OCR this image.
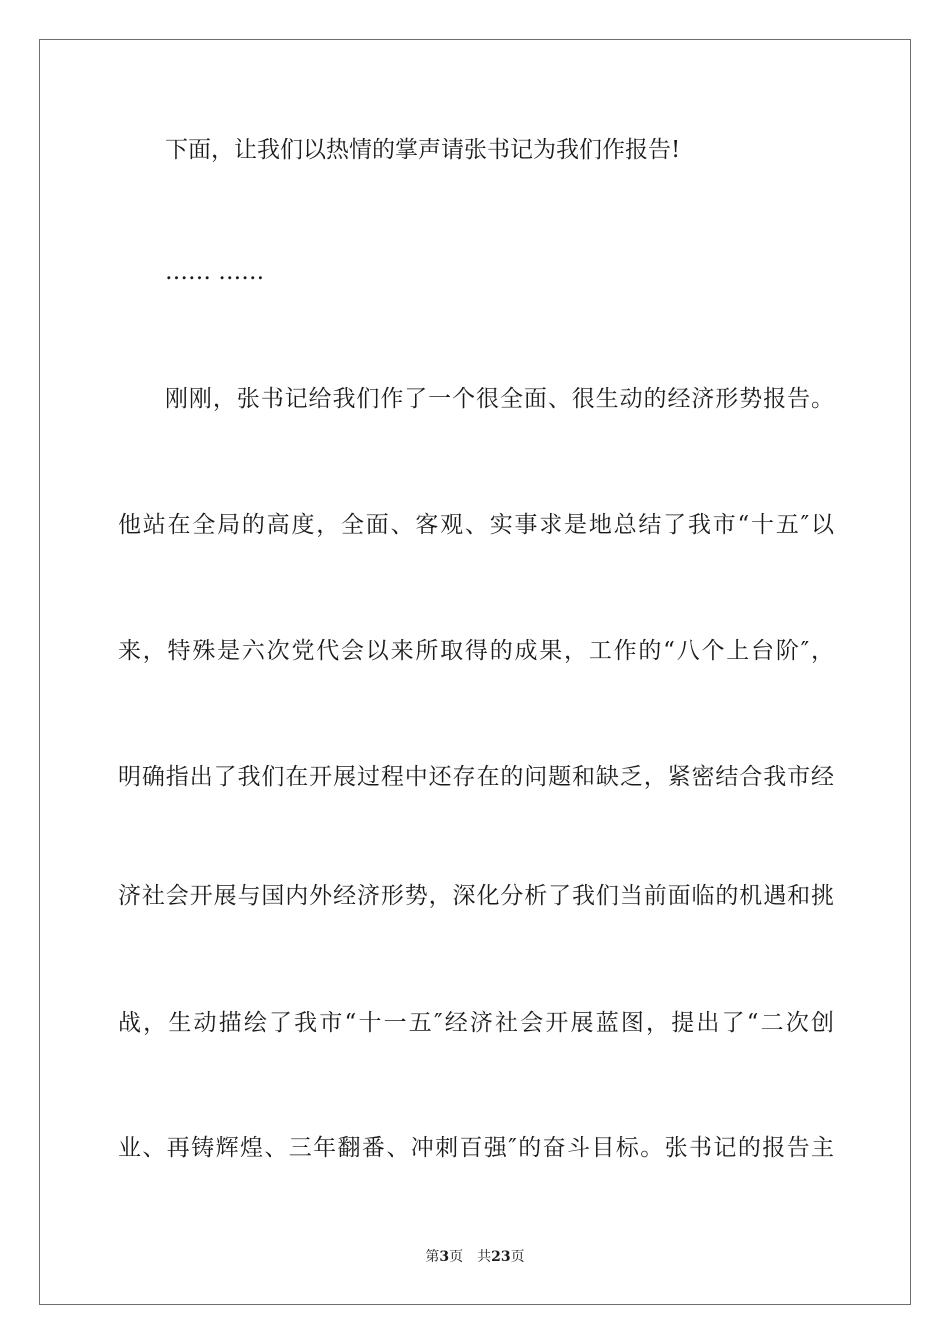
下面，让我们以热情的掌声请张书记为我们作报告!
…… ……
刚刚，张书记给我们作了一个很全面、很生动的经济形势报告。
他站在全局的高度，全面、客观、实事求是地总结了我市“十五″以
来，特殊是六次党代会以来所取得的成果，工作的“八个上台阶″，
明确指出了我们在开展过程中还存在的问题和缺乏，紧密结合我市经
济社会开展与国内外经济形势，深化分析了我们当前面临的机遇和挑
战，生动描绘了我市“十一五″经济社会开展蓝图，提出了“二次创
业、再铸辉煌、三年翻番、冲刺百强″的奋斗目标。张书记的报告主
第3页 共23页
